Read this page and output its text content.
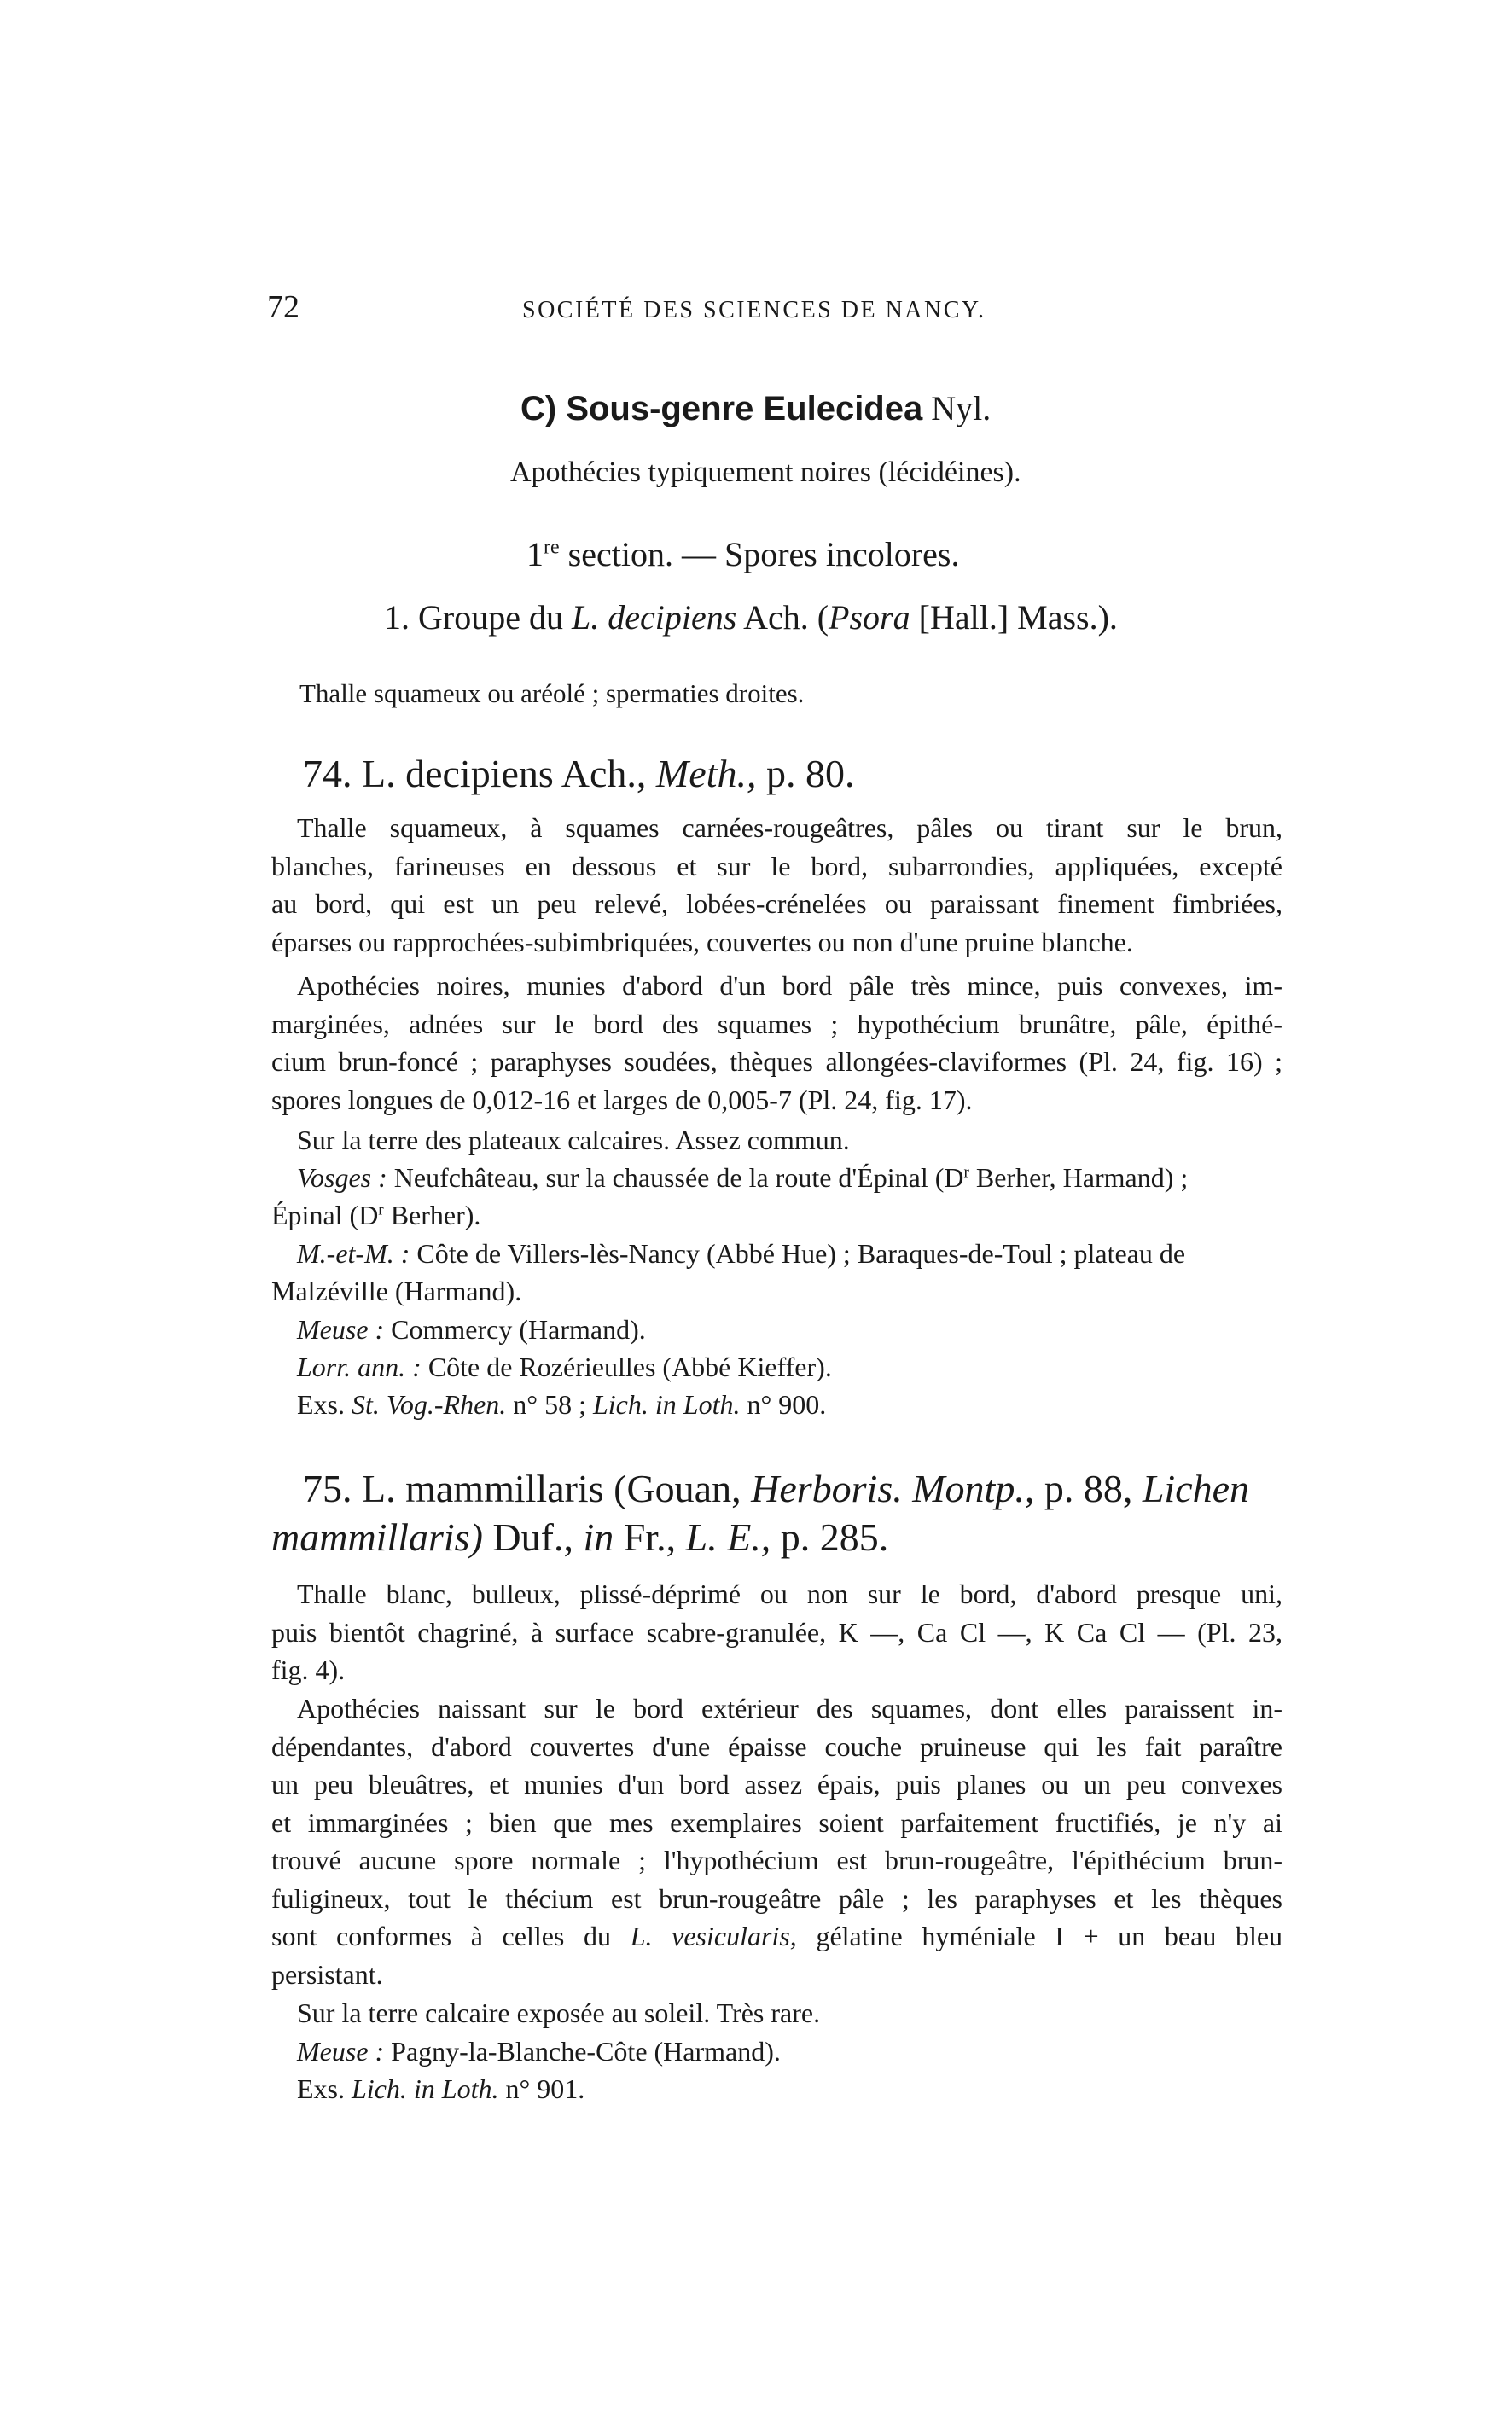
72	SOCIÉTÉ DES SCIENCES DE NANCY.
C) Sous-genre Eulecidea Nyl.
Apothécies typiquement noires (lécidéines).
1re section. — Spores incolores.
1. Groupe du L. decipiens Ach. (Psora [Hall.] Mass.).
Thalle squameux ou aréolé ; spermaties droites.
74. L. decipiens Ach., Meth., p. 80.
Thalle squameux, à squames carnées-rougeâtres, pâles ou tirant sur le brun,
blanches, farineuses en dessous et sur le bord, subarrondies, appliquées, excepté
au bord, qui est un peu relevé, lobées-crénelées ou paraissant finement fimbriées,
éparses ou rapprochées-subimbriquées, couvertes ou non d'une pruine blanche.
Apothécies noires, munies d'abord d'un bord pâle très mince, puis convexes, im-
marginées, adnées sur le bord des squames ; hypothécium brunâtre, pâle, épithé-
cium brun-foncé ; paraphyses soudées, thèques allongées-claviformes (Pl. 24, fig. 16) ;
spores longues de 0,012-16 et larges de 0,005-7 (Pl. 24, fig. 17).
Sur la terre des plateaux calcaires. Assez commun.
Vosges : Neufchâteau, sur la chaussée de la route d'Épinal ($D^r$ Berher, Harmand) ;
Épinal ($D^r$ Berher).
M.-et-M. : Côte de Villers-lès-Nancy (Abbé Hue) ; Baraques-de-Toul ; plateau de
Malzéville (Harmand).
Meuse : Commercy (Harmand).
Lorr. ann. : Côte de Rozérieulles (Abbé Kieffer).
Exs. St. Vog.-Rhen. n° 58 ; Lich. in Loth. n° 900.
75. L. mammillaris (Gouan, Herboris. Montp., p. 88, Lichen
mammillaris) Duf., in Fr., L. E., p. 285.
Thalle blanc, bulleux, plissé-déprimé ou non sur le bord, d'abord presque uni,
puis bientôt chagriné, à surface scabre-granulée, K —, Ca Cl —, K Ca Cl — (Pl. 23,
fig. 4).
Apothécies naissant sur le bord extérieur des squames, dont elles paraissent in-
dépendantes, d'abord couvertes d'une épaisse couche pruineuse qui les fait paraître
un peu bleuâtres, et munies d'un bord assez épais, puis planes ou un peu convexes
et immarginées ; bien que mes exemplaires soient parfaitement fructifiés, je n'y ai
trouvé aucune spore normale ; l'hypothécium est brun-rougeâtre, l'épithécium brun-
fuligineux, tout le thécium est brun-rougeâtre pâle ; les paraphyses et les thèques
sont conformes à celles du L. vesicularis, gélatine hyméniale I + un beau bleu
persistant.
Sur la terre calcaire exposée au soleil. Très rare.
Meuse : Pagny-la-Blanche-Côte (Harmand).
Exs. Lich. in Loth. n° 901.
